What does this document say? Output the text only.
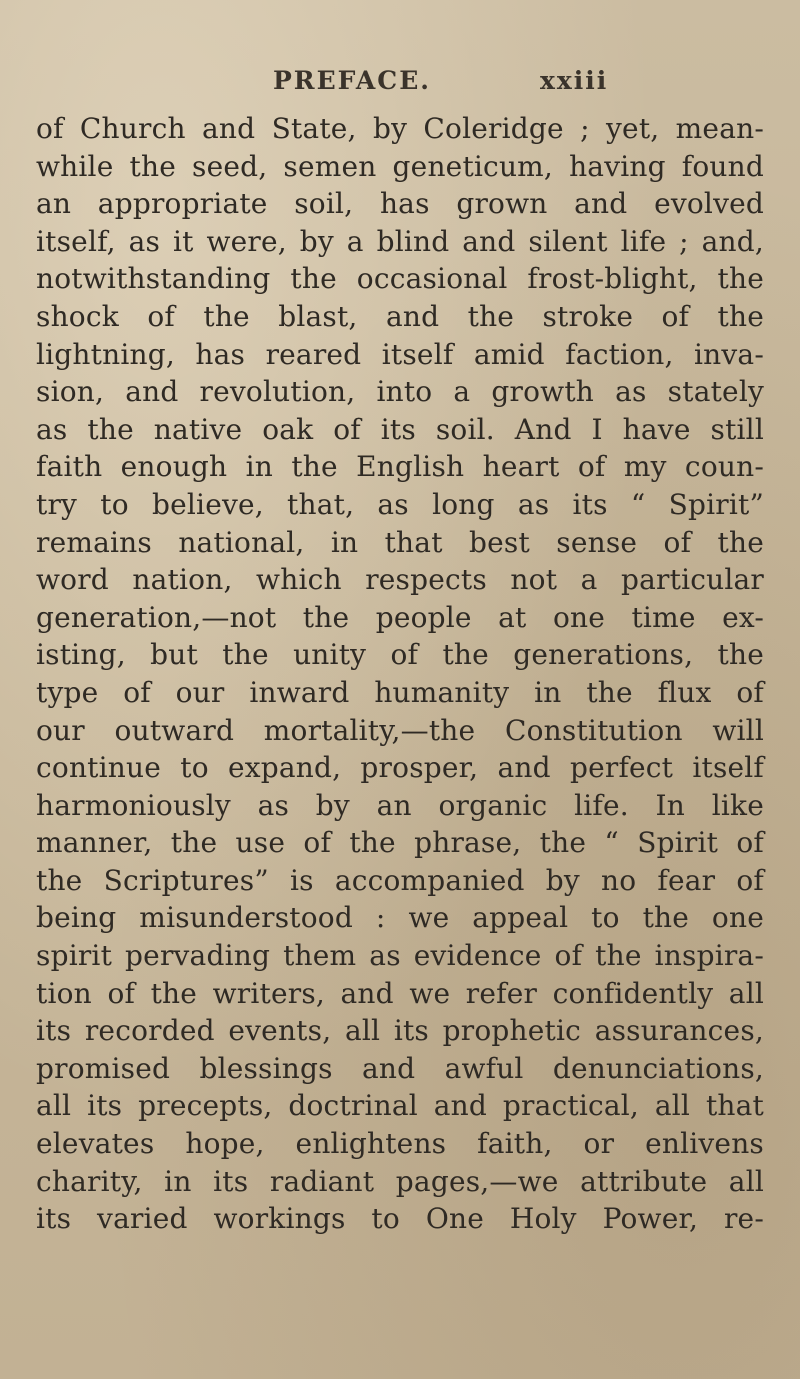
PREFACE.	xxiii
of Church and State, by Coleridge ; yet, mean-
while the seed, semen geneticum, having found
an appropriate soil, has grown and evolved
itself, as it were, by a blind and silent life ; and,
notwithstanding the occasional frost-blight, the
shock of the blast, and the stroke of the
lightning, has reared itself amid faction, inva-
sion, and revolution, into a growth as stately
as the native oak of its soil. And I have still
faith enough in the English heart of my coun-
try to believe, that, as long as its “ Spirit”
remains national, in that best sense of the
word nation, which respects not a particular
generation,—not the people at one time ex-
isting, but the unity of the generations, the
type of our inward humanity in the flux of
our outward mortality,—the Constitution will
continue to expand, prosper, and perfect itself
harmoniously as by an organic life. In like
manner, the use of the phrase, the “ Spirit of
the Scriptures” is accompanied by no fear of
being misunderstood : we appeal to the one
spirit pervading them as evidence of the inspira-
tion of the writers, and we refer confidently all
its recorded events, all its prophetic assurances,
promised blessings and awful denunciations,
all its precepts, doctrinal and practical, all that
elevates hope, enlightens faith, or enlivens
charity, in its radiant pages,—we attribute all
its varied workings to One Holy Power, re-
